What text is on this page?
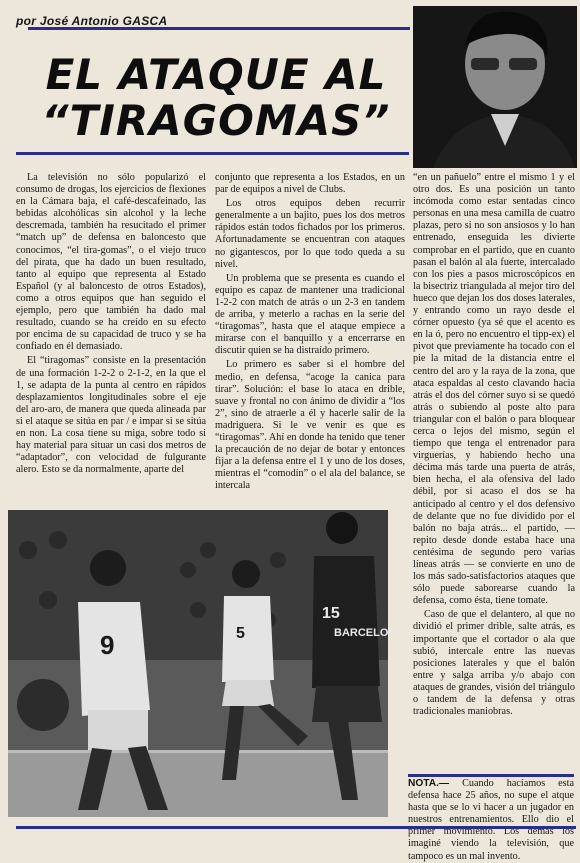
por José Antonio GASCA
EL ATAQUE AL
“TIRAGOMAS”

La televisión no sólo popularizó el consumo de drogas, los ejercicios de flexiones en la Cámara baja, el café-descafeinado, las bebidas alcohólicas sin alcohol y la leche descremada, también ha resucitado el primer “match up” de defensa en baloncesto que conocimos, “el tira-gomas”, o el viejo truco del pirata, que ha dado un buen resultado, tanto al equipo que representa al Estado Español (y al baloncesto de otros Estados), como a otros equipos que han seguido el ejemplo, pero que también ha dado mal resultado, cuando se ha creído en su efecto por encima de su capacidad de truco y se ha confiado en él demasiado.

El “tiragomas” consiste en la presentación de una formación 1-2-2 o 2-1-2, en la que el 1, se adapta de la punta al centro en rápidos desplazamientos longitudinales sobre el eje del aro-aro, de manera que queda alineada par si el ataque se sitúa en par / e impar si se sitúa en non. La cosa tiene su miga, sobre todo si hay material para situar un casi dos metros de “adaptador”, con velocidad de fulgurante alero. Esto se da normalmente, aparte del

conjunto que representa a los Estados, en un par de equipos a nivel de Clubs.

Los otros equipos deben recurrir generalmente a un bajito, pues los dos metros rápidos están todos fichados por los primeros. Afortunadamente se encuentran con ataques no gigantescos, por lo que todo queda a su nivel.

Un problema que se presenta es cuando el equipo es capaz de mantener una tradicional 1-2-2 con match de atrás o un 2-3 en tandem de arriba, y meterlo a rachas en la serie del “tiragomas”, hasta que el ataque empiece a mirarse con el banquillo y a encerrarse en discutir quien se ha distraído primero.

Lo primero es saber si el hombre del medio, en defensa, “acoge la canica para tirar”. Solución: el base lo ataca en drible, suave y frontal no con ánimo de dividir a “los 2”, sino de atraerle a él y hacerle salir de la madriguera. Si le ve venir es que es “tiragomas”. Ahí en donde ha tenido que tener la precaución de no dejar de botar y entonces fijar a la defensa entre el 1 y uno de los doses, mientras el “comodín” o el ala del balance, se intercala

“en un pañuelo” entre el mismo 1 y el otro dos. Es una posición un tanto incómoda como estar sentadas cinco personas en una mesa camilla de cuatro plazas, pero si no son ansiosos y lo han entrenado, enseguida les divierte comprobar en el partido, que en cuanto pasan el balón al ala fuerte, intercalado con los pies a pasos microscópicos en la bisectriz triangulada al mejor tiro del hueco que dejan los dos doses laterales, y entrando como un rayo desde el córner opuesto (ya sé que el acento es en la ó, pero no encuentro el tipp-ex) el pivot que previamente ha tocado con el pie la mitad de la distancia entre el centro del aro y la raya de la zona, que ataca espaldas al cesto clavando hacia atrás el dos del córner suyo si se quedó atrás o subiendo al poste alto para triangular con el balón o para bloquear cerca o lejos del mismo, según el tiempo que tenga el entrenador para virguerías, y habiendo hecho una décima más tarde una puerta de atrás, bien hecha, el ala ofensiva del lado débil, por si acaso el dos se ha anticipado al centro y el dos defensivo de delante que no fue dividido por el balón no baja atrás... el partido, — repito desde donde estaba hace una centésima de segundo pero varias líneas atrás — se convierte en uno de los más sado-satisfactorios ataques que sólo puede saborearse cuando la defensa, como ésta, tiene tomate.

Caso de que el delantero, al que no dividió el primer drible, salte atrás, es importante que el cortador o ala que subió, intercale entre las nuevas posiciones laterales y que el balón entre y salga arriba y/o abajo con ataques de grandes, visión del triángulo o tandem de la defensa y otras tradicionales maniobras.

9	5
15
BARCELON
NOTA.— Cuando hacíamos esta defensa hace 25 años, no supe el atque hasta que se lo vi hacer a un jugador en nuestros entrenamientos. Ello dio el primer movimiento. Los demás los imaginé viendo la televisión, que tampoco es un mal invento.
